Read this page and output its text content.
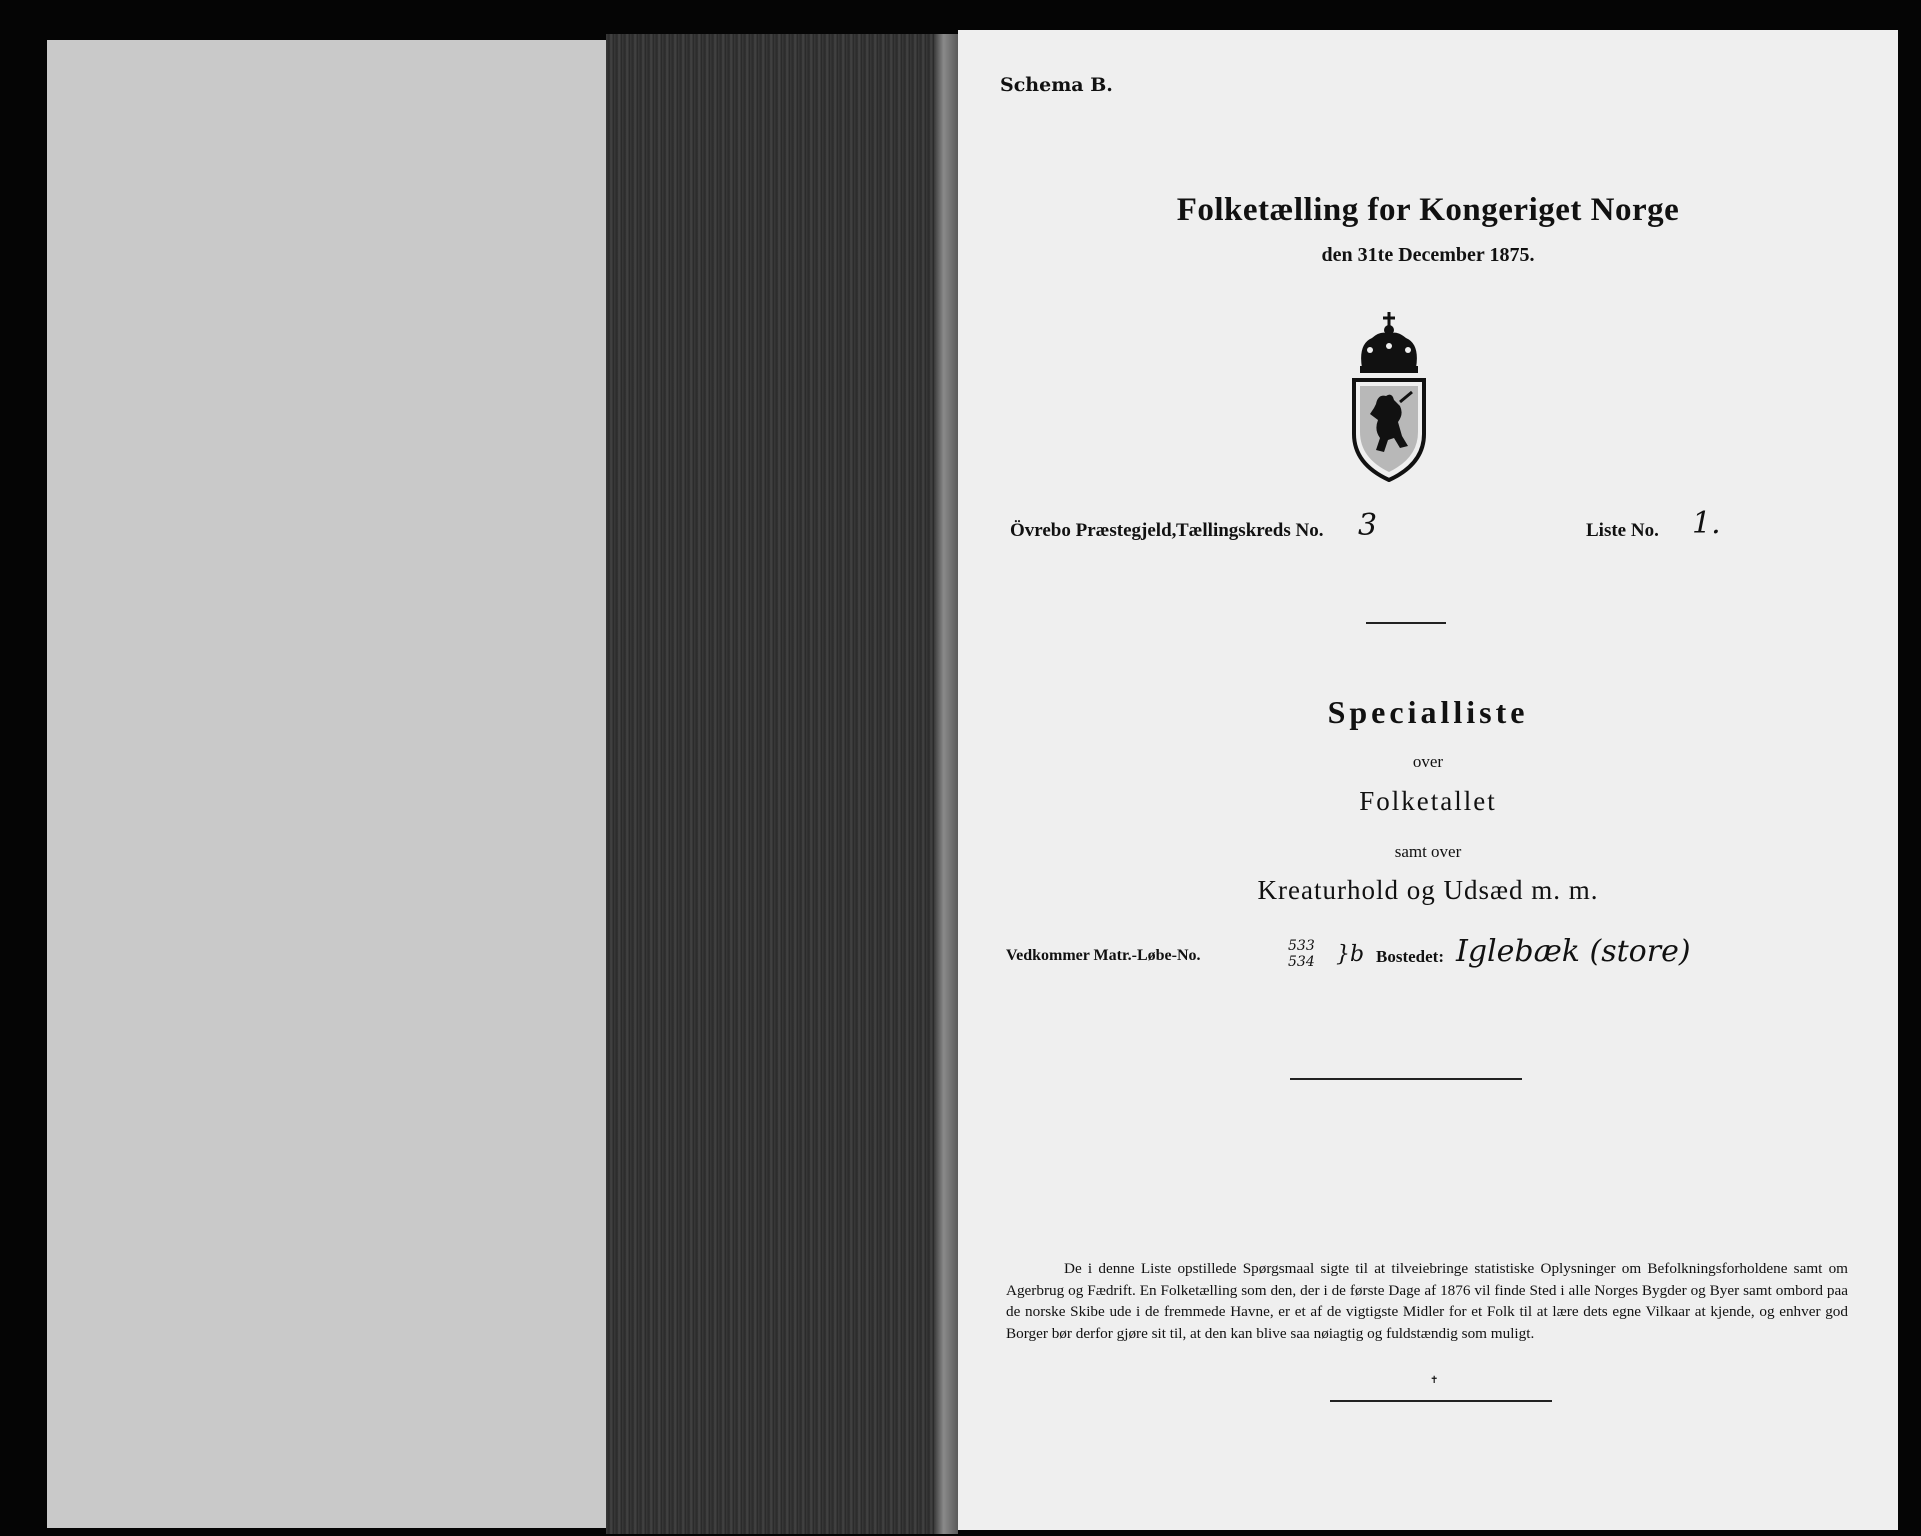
Schema B.
Folketælling for Kongeriget Norge
den 31te December 1875.
Övrebo Præstegjeld, Tællingskreds No. 3	Liste No. 1.
Specialliste
over
Folketallet
samt over
Kreaturhold og Udsæd m. m.
Vedkommer Matr.-Løbe-No.
533
534 }b Bostedet: Iglebæk (store)
De i denne Liste opstillede Spørgsmaal sigte til at tilveiebringe statistiske Oplysninger om Befolkningsforholdene samt om Agerbrug og Fædrift. En Folketælling som den, der i de første Dage af 1876 vil finde Sted i alle Norges Bygder og Byer samt ombord paa de norske Skibe ude i de fremmede Havne, er et af de vigtigste Midler for et Folk til at lære dets egne Vilkaar at kjende, og enhver god Borger bør derfor gjøre sit til, at den kan blive saa nøiagtig og fuldstændig som muligt.
✝
